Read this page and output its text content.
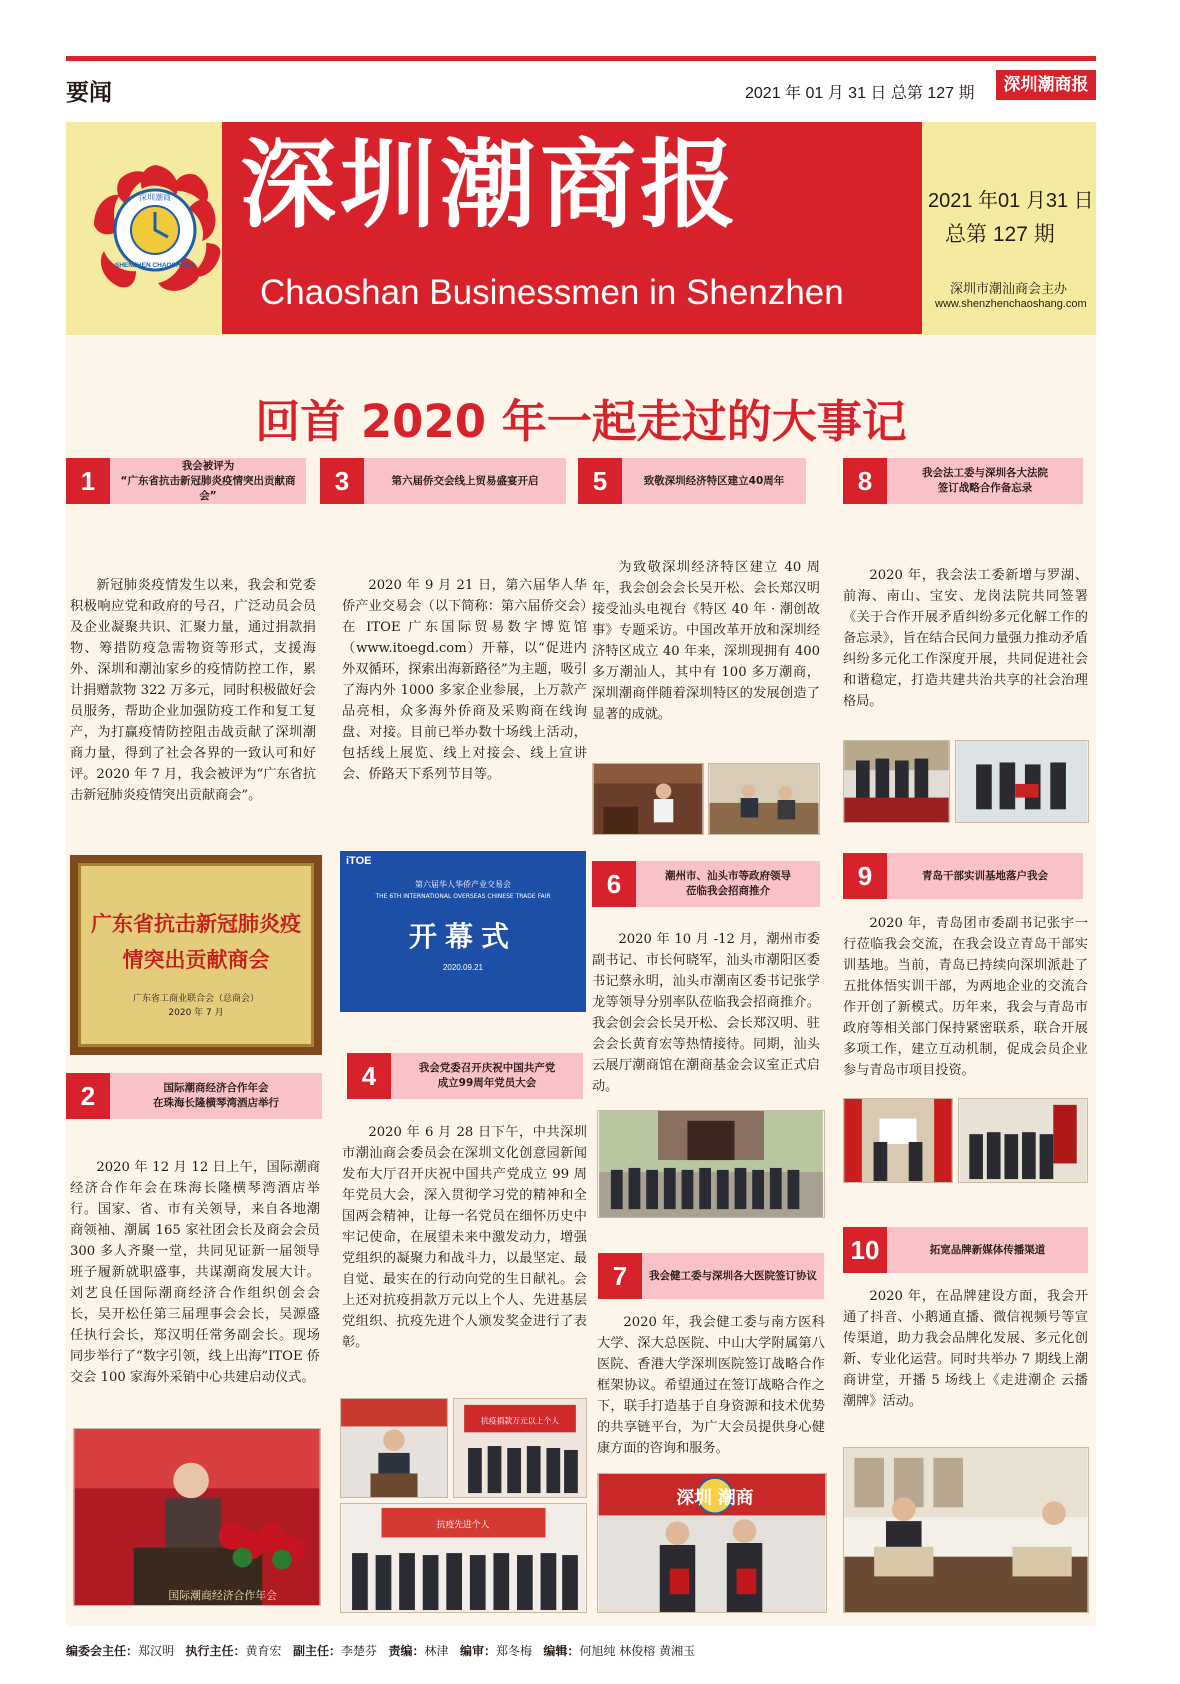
要闻	2021 年 01 月 31 日 总第 127 期	深圳潮商报
深圳潮商
SHENZHEN CHAOSHANG
深圳潮商报
Chaoshan Businessmen in Shenzhen
2021 年01 月31 日
总第 127 期
深圳市潮汕商会主办
www.shenzhenchaoshang.com
回首 2020 年一起走过的大事记
1
我会被评为
“广东省抗击新冠肺炎疫情突出贡献商会”
新冠肺炎疫情发生以来，我会和党委积极响应党和政府的号召，广泛动员会员及企业凝聚共识、汇聚力量，通过捐款捐物、筹措防疫急需物资等形式，支援海外、深圳和潮汕家乡的疫情防控工作，累计捐赠款物 322 万多元，同时积极做好会员服务，帮助企业加强防疫工作和复工复产，为打赢疫情防控阻击战贡献了深圳潮商力量，得到了社会各界的一致认可和好评。2020 年 7 月，我会被评为“广东省抗击新冠肺炎疫情突出贡献商会”。
广东省抗击新冠肺炎疫情突出贡献商会
广东省工商业联合会（总商会）
2020 年 7 月
2	国际潮商经济合作年会
在珠海长隆横琴湾酒店举行
2020 年 12 月 12 日上午，国际潮商经济合作年会在珠海长隆横琴湾酒店举行。国家、省、市有关领导，来自各地潮商领袖、潮属 165 家社团会长及商会会员 300 多人齐聚一堂，共同见证新一届领导班子履新就职盛事，共谋潮商发展大计。刘艺良任国际潮商经济合作组织创会会长，吴开松任第三届理事会会长，吴源盛任执行会长，郑汉明任常务副会长。现场同步举行了“数字引领，线上出海”ITOE 侨交会 100 家海外采销中心共建启动仪式。
国际潮商经济合作年会
3	第六届侨交会线上贸易盛宴开启
2020 年 9 月 21 日，第六届华人华侨产业交易会（以下简称：第六届侨交会）在 ITOE 广东国际贸易数字博览馆（www.itoegd.com）开幕，以“促进内外双循环，探索出海新路径”为主题，吸引了海内外 1000 多家企业参展，上万款产品亮相，众多海外侨商及采购商在线询盘、对接。目前已举办数十场线上活动，包括线上展览、线上对接会、线上宣讲会、侨路天下系列节目等。
iTOE
第六届华人华侨产业交易会
THE 6TH INTERNATIONAL OVERSEAS CHINESE TRADE FAIR
开幕式
2020.09.21
4	我会党委召开庆祝中国共产党
成立99周年党员大会
2020 年 6 月 28 日下午，中共深圳市潮汕商会委员会在深圳文化创意园新闻发布大厅召开庆祝中国共产党成立 99 周年党员大会，深入贯彻学习党的精神和全国两会精神，让每一名党员在细怀历史中牢记使命，在展望未来中激发动力，增强党组织的凝聚力和战斗力，以最坚定、最自觉、最实在的行动向党的生日献礼。会上还对抗疫捐款万元以上个人、先进基层党组织、抗疫先进个人颁发奖金进行了表彰。
抗疫捐款万元以上个人
抗疫先进个人
5	致敬深圳经济特区建立40周年
为致敬深圳经济特区建立 40 周年，我会创会会长吴开松、会长郑汉明接受汕头电视台《特区 40 年 · 潮创故事》专题采访。中国改革开放和深圳经济特区成立 40 年来，深圳现拥有 400 多万潮汕人，其中有 100 多万潮商，深圳潮商伴随着深圳特区的发展创造了显著的成就。
6	潮州市、汕头市等政府领导
莅临我会招商推介
2020 年 10 月 -12 月，潮州市委副书记、市长何晓军，汕头市潮阳区委书记蔡永明，汕头市潮南区委书记张学龙等领导分别率队莅临我会招商推介。我会创会会长吴开松、会长郑汉明、驻会会长黄育宏等热情接待。同期，汕头云展厅潮商馆在潮商基金会议室正式启动。
7	我会健工委与深圳各大医院签订协议
2020 年，我会健工委与南方医科大学、深大总医院、中山大学附属第八医院、香港大学深圳医院签订战略合作框架协议。希望通过在签订战略合作之下，联手打造基于自身资源和技术优势的共享链平台，为广大会员提供身心健康方面的咨询和服务。
深圳 潮商
8	我会法工委与深圳各大法院
签订战略合作备忘录
2020 年，我会法工委新增与罗湖、前海、南山、宝安、龙岗法院共同签署《关于合作开展矛盾纠纷多元化解工作的备忘录》，旨在结合民间力量强力推动矛盾纠纷多元化工作深度开展，共同促进社会和谐稳定，打造共建共治共享的社会治理格局。
9	青岛干部实训基地落户我会
2020 年，青岛团市委副书记张宇一行莅临我会交流，在我会设立青岛干部实训基地。当前，青岛已持续向深圳派赴了五批体悟实训干部，为两地企业的交流合作开创了新模式。历年来，我会与青岛市政府等相关部门保持紧密联系，联合开展多项工作，建立互动机制，促成会员企业参与青岛市项目投资。
10	拓宽品牌新媒体传播渠道
2020 年，在品牌建设方面，我会开通了抖音、小鹅通直播、微信视频号等宣传渠道，助力我会品牌化发展、多元化创新、专业化运营。同时共举办 7 期线上潮商讲堂，开播 5 场线上《走进潮企 云播潮牌》活动。
编委会主任：郑汉明 执行主任：黄育宏 副主任：李楚芬 责编：林津 编审：郑冬梅 编辑：何旭纯 林俊榕 黄湘玉
